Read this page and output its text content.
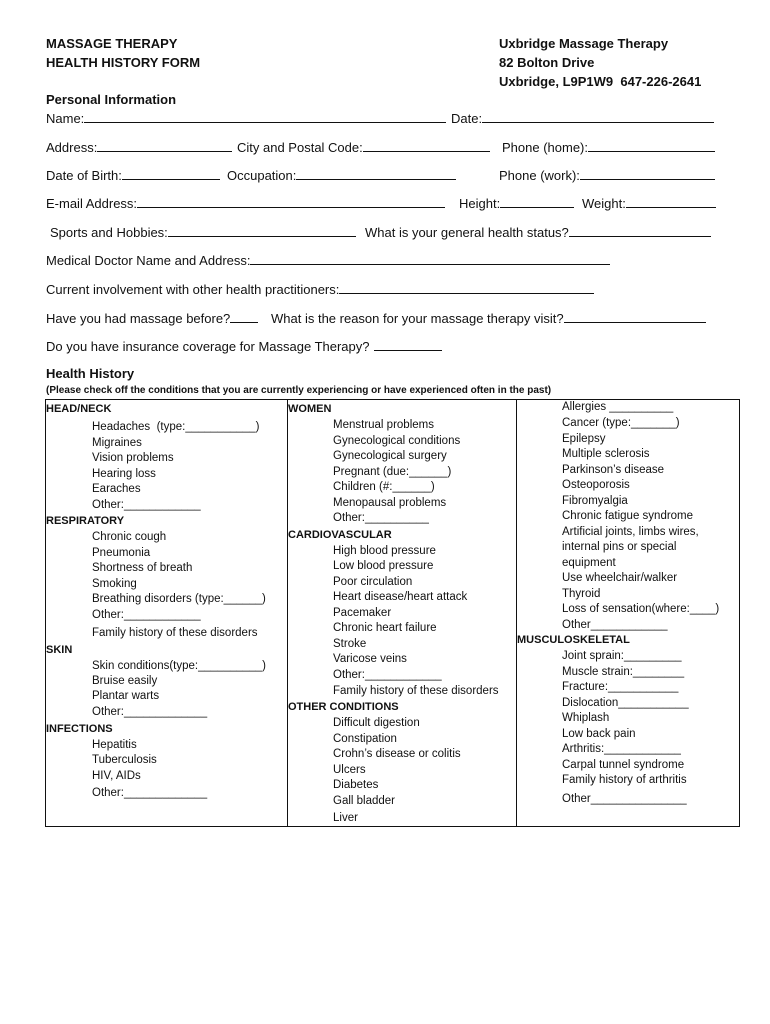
MASSAGE THERAPY
HEALTH HISTORY FORM
Uxbridge Massage Therapy
82 Bolton Drive
Uxbridge, L9P1W9  647-226-2641
Personal Information
Name:	Date:
Address:	City and Postal Code:	Phone (home):
Date of Birth:	Occupation:	Phone (work):
E-mail Address:	Height:	Weight:
Sports and Hobbies:	What is your general health status?
Medical Doctor Name and Address:
Current involvement with other health practitioners:
Have you had massage before?	What is the reason for your massage therapy visit?
Do you have insurance coverage for Massage Therapy?
Health History
(Please check off the conditions that you are currently experiencing or have experienced often in the past)
HEAD/NECK
Headaches  (type:___________)
Migraines
Vision problems
Hearing loss
Earaches
Other:____________
RESPIRATORY
Chronic cough
Pneumonia
Shortness of breath
Smoking
Breathing disorders (type:______)
Other:____________
Family history of these disorders
SKIN
Skin conditions(type:__________)
Bruise easily
Plantar warts
Other:_____________
INFECTIONS
Hepatitis
Tuberculosis
HIV, AIDs
Other:_____________
WOMEN
Menstrual problems
Gynecological conditions
Gynecological surgery
Pregnant (due:______)
Children (#:______)
Menopausal problems
Other:__________
CARDIOVASCULAR
High blood pressure
Low blood pressure
Poor circulation
Heart disease/heart attack
Pacemaker
Chronic heart failure
Stroke
Varicose veins
Other:____________
Family history of these disorders
OTHER CONDITIONS
Difficult digestion
Constipation
Crohn’s disease or colitis
Ulcers
Diabetes
Gall bladder
Liver
Allergies __________
Cancer (type:_______)
Epilepsy
Multiple sclerosis
Parkinson’s disease
Osteoporosis
Fibromyalgia
Chronic fatigue syndrome
Artificial joints, limbs wires,
internal pins or special
equipment
Use wheelchair/walker
Thyroid
Loss of sensation(where:____)
Other____________
MUSCULOSKELETAL
Joint sprain:_________
Muscle strain:________
Fracture:___________
Dislocation___________
Whiplash
Low back pain
Arthritis:____________
Carpal tunnel syndrome
Family history of arthritis
Other_______________
